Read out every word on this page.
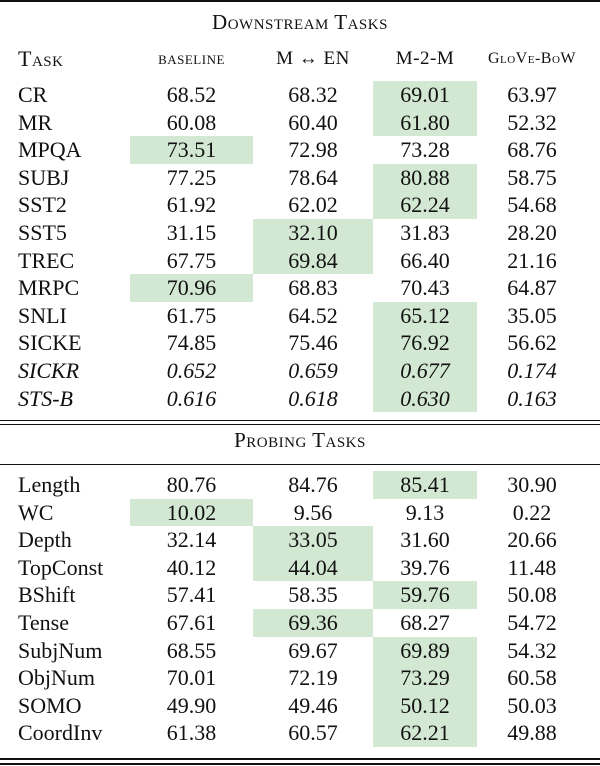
Downstream Tasks
Task	baseline	M ↔ EN	M-2-M	GloVe-BoW
CR	68.52	68.32	69.01	63.97
MR	60.08	60.40	61.80	52.32
MPQA	73.51	72.98	73.28	68.76
SUBJ	77.25	78.64	80.88	58.75
SST2	61.92	62.02	62.24	54.68
SST5	31.15	32.10	31.83	28.20
TREC	67.75	69.84	66.40	21.16
MRPC	70.96	68.83	70.43	64.87
SNLI	61.75	64.52	65.12	35.05
SICKE	74.85	75.46	76.92	56.62
SICKR	0.652	0.659	0.677	0.174
STS-B	0.616	0.618	0.630	0.163
Probing Tasks
Length	80.76	84.76	85.41	30.90
WC	10.02	9.56	9.13	0.22
Depth	32.14	33.05	31.60	20.66
TopConst	40.12	44.04	39.76	11.48
BShift	57.41	58.35	59.76	50.08
Tense	67.61	69.36	68.27	54.72
SubjNum	68.55	69.67	69.89	54.32
ObjNum	70.01	72.19	73.29	60.58
SOMO	49.90	49.46	50.12	50.03
CoordInv	61.38	60.57	62.21	49.88
